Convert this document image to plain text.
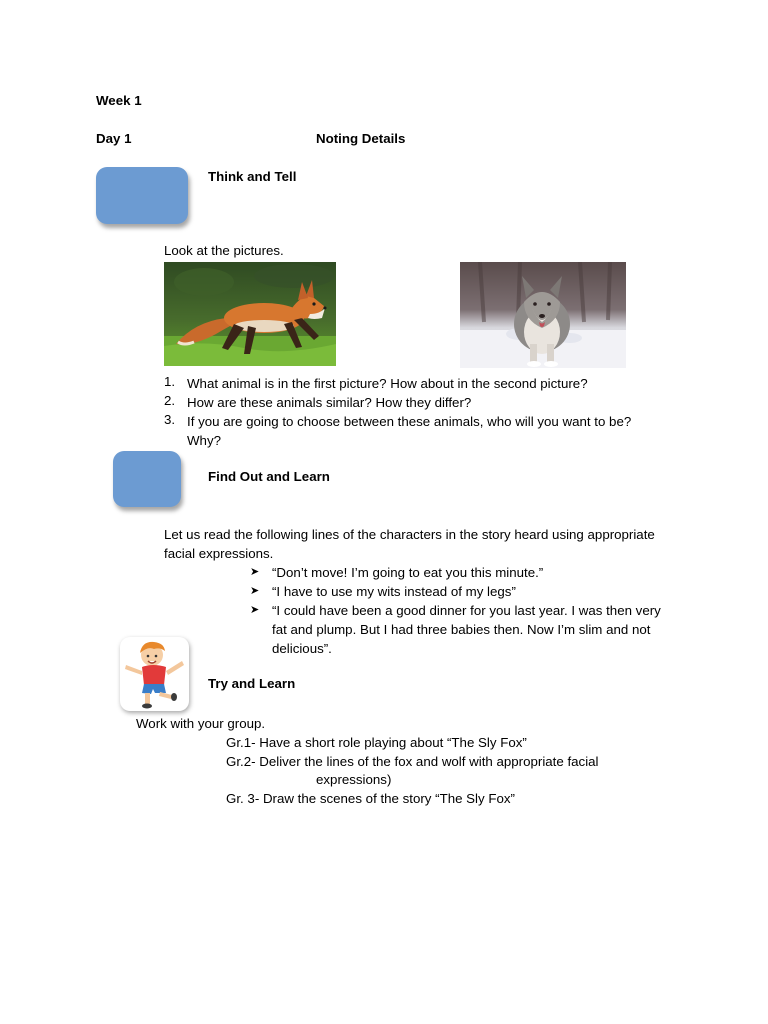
Week 1
Day 1	Noting Details
Think and Tell
Look at the pictures.
1. What animal is in the first picture? How about in the second picture?
2. How are these animals similar? How they differ?
3. If you are going to choose between these animals, who will you want to be?
Why?
Find Out and Learn
Let us read the following lines of the characters in the story heard using appropriate
facial expressions.
➤ “Don’t move! I’m going to eat you this minute.”
➤ “I have to use my wits instead of my legs”
➤ “I could have been a good dinner for you last year. I was then very
fat and plump. But I had three babies then. Now I’m slim and not
delicious”.
Try and Learn
Work with your group.
Gr.1- Have a short role playing about “The Sly Fox”
Gr.2- Deliver the lines of the fox and wolf with appropriate facial
expressions)
Gr. 3- Draw the scenes of the story “The Sly Fox”
